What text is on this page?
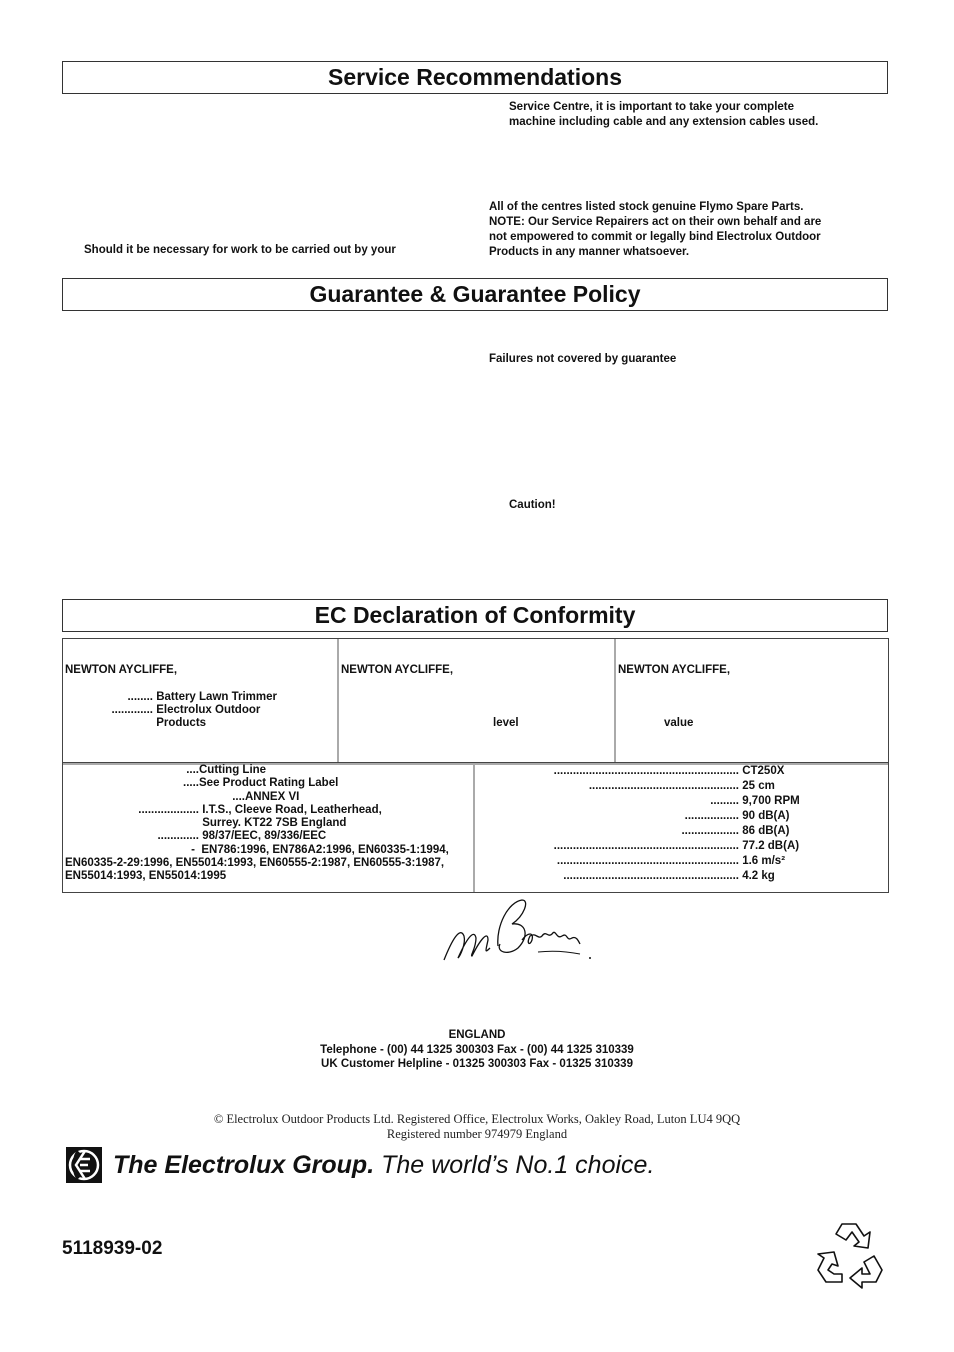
Service Recommendations
Service Centre, it is important to take your complete
machine including cable and any extension cables used.
All of the centres listed stock genuine Flymo Spare Parts.
NOTE: Our Service Repairers act on their own behalf and are
not empowered to commit or legally bind Electrolux Outdoor
Products in any manner whatsoever.
Should it be necessary for work to be carried out by your
Guarantee & Guarantee Policy
Failures not covered by guarantee
Caution!
EC Declaration of Conformity
NEWTON AYCLIFFE,
........
Battery Lawn Trimmer
.............
Electrolux Outdoor

Products
NEWTON AYCLIFFE,
level
NEWTON AYCLIFFE,
value
.... Cutting Line
..... See Product Rating Label
.... ANNEX VI
...................
I.T.S., Cleeve Road, Leatherhead,

Surrey. KT22 7SB England
.............
98/37/EEC, 89/336/EEC
-
EN786:1996, EN786A2:1996, EN60335-1:1994,
EN60335-2-29:1996, EN55014:1993, EN60555-2:1987, EN60555-3:1987,
EN55014:1993, EN55014:1995
..........................................................
CT250X
...............................................
25 cm
.........
9,700 RPM
.................
90 dB(A)
..................
86 dB(A)
..........................................................
77.2 dB(A)
.........................................................
1.6 m/s²
.......................................................
4.2 kg
ENGLAND
Telephone - (00) 44 1325 300303 Fax - (00) 44 1325 310339
UK Customer Helpline - 01325 300303 Fax - 01325 310339
© Electrolux Outdoor Products Ltd. Registered Office, Electrolux Works, Oakley Road, Luton LU4 9QQ
Registered number 974979 England
The Electrolux Group. The world’s No.1 choice.
5118939-02
